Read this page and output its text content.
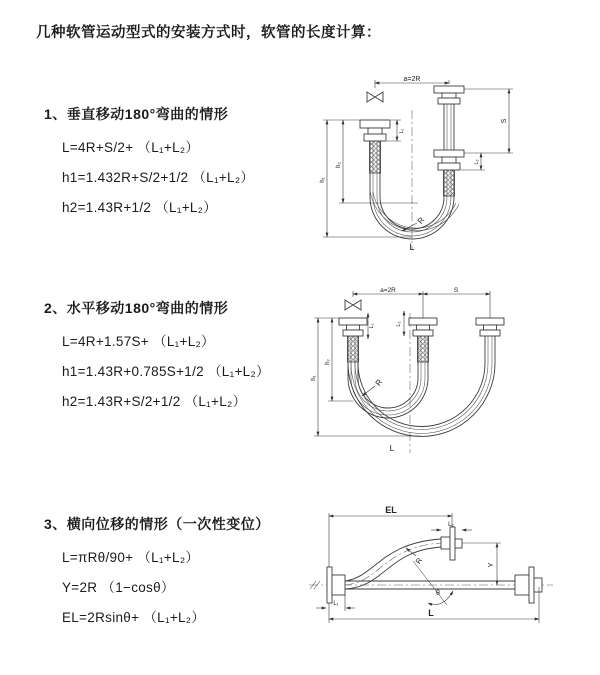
几种软管运动型式的安装方式时，软管的长度计算：
1、垂直移动180°弯曲的情形
L=4R+S/2+ （L₁+L₂）
h1=1.432R+S/2+1/2 （L₁+L₂）
h2=1.43R+1/2 （L₁+L₂）
2、水平移动180°弯曲的情形
L=4R+1.57S+ （L₁+L₂）
h1=1.43R+0.785S+1/2 （L₁+L₂）
h2=1.43R+S/2+1/2 （L₁+L₂）
3、横向位移的情形（一次性变位）
L=πRθ/90+ （L₁+L₂）
Y=2R （1−cosθ）
EL=2Rsinθ+ （L₁+L₂）
a=2R
S
L₂
L₁
h₁
h₂
R
L
a=2R	S
L₁	L₂
h₁
h₂
R
L
EL
L₂
Y
L
L₁
R
θ
